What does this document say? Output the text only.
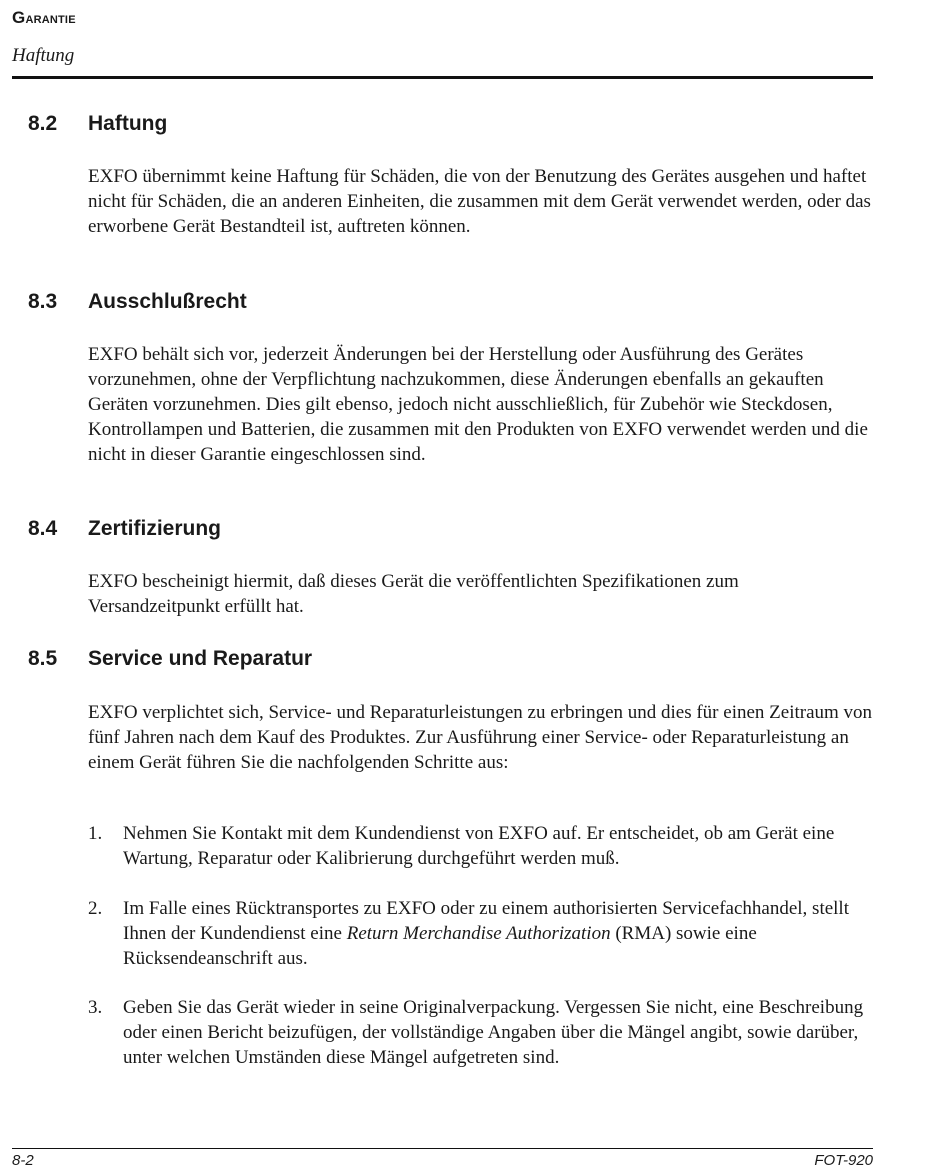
Garantie
Haftung
8.2 Haftung

EXFO übernimmt keine Haftung für Schäden, die von der Benutzung des Gerätes ausgehen und haftet nicht für Schäden, die an anderen Einheiten, die zusammen mit dem Gerät verwendet werden, oder das erworbene Gerät Bestandteil ist, auftreten können.

8.3 Ausschlußrecht

EXFO behält sich vor, jederzeit Änderungen bei der Herstellung oder Ausführung des Gerätes vorzunehmen, ohne der Verpflichtung nachzukommen, diese Änderungen ebenfalls an gekauften Geräten vorzunehmen. Dies gilt ebenso, jedoch nicht ausschließlich, für Zubehör wie Steckdosen, Kontrollampen und Batterien, die zusammen mit den Produkten von EXFO verwendet werden und die nicht in dieser Garantie eingeschlossen sind.

8.4 Zertifizierung

EXFO bescheinigt hiermit, daß dieses Gerät die veröffentlichten Spezifikationen zum Versandzeitpunkt erfüllt hat.

8.5 Service und Reparatur

EXFO verplichtet sich, Service- und Reparaturleistungen zu erbringen und dies für einen Zeitraum von fünf Jahren nach dem Kauf des Produktes. Zur Ausführung einer Service- oder Reparaturleistung an einem Gerät führen Sie die nachfolgenden Schritte aus:

1. Nehmen Sie Kontakt mit dem Kundendienst von EXFO auf. Er entscheidet, ob am Gerät eine Wartung, Reparatur oder Kalibrierung durchgeführt werden muß.

2. Im Falle eines Rücktransportes zu EXFO oder zu einem authorisierten Servicefachhandel, stellt Ihnen der Kundendienst eine Return Merchandise Authorization (RMA) sowie eine Rücksendeanschrift aus.

3. Geben Sie das Gerät wieder in seine Originalverpackung. Vergessen Sie nicht, eine Beschreibung oder einen Bericht beizufügen, der vollständige Angaben über die Mängel angibt, sowie darüber, unter welchen Umständen diese Mängel aufgetreten sind.

8-2	FOT-920
